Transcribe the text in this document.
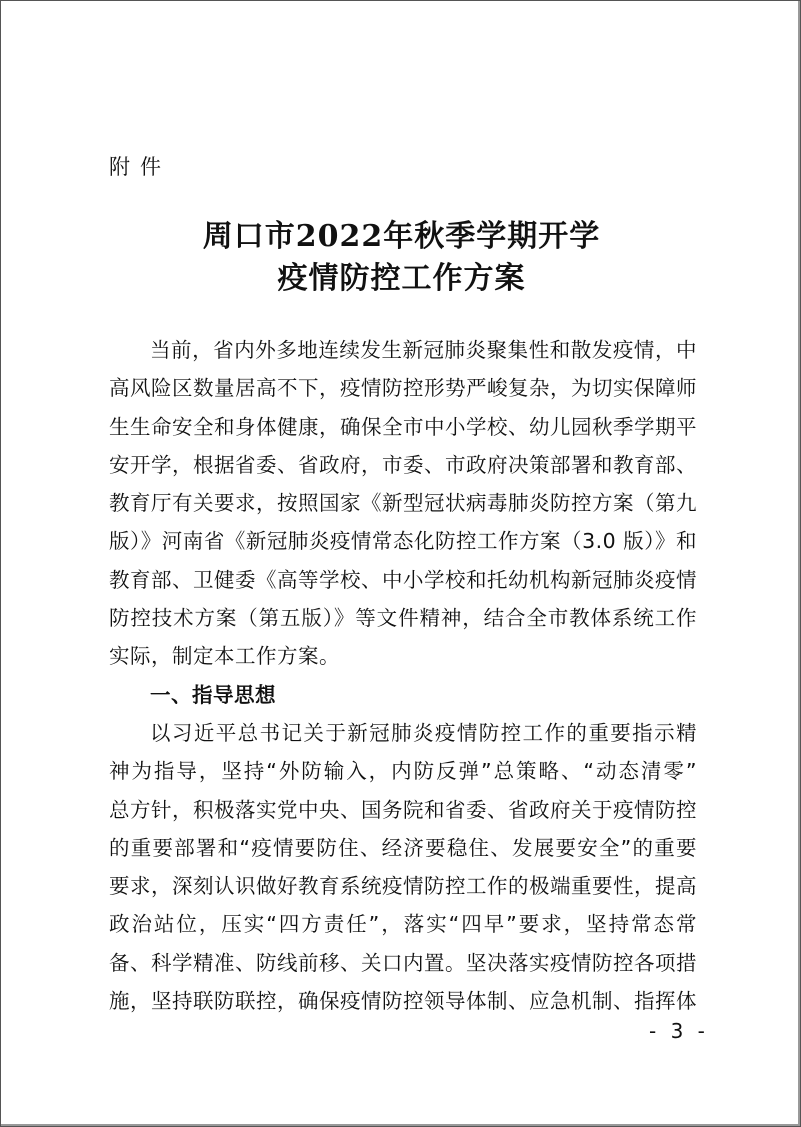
附件
周口市2022年秋季学期开学
疫情防控工作方案
当前，省内外多地连续发生新冠肺炎聚集性和散发疫情，中
高风险区数量居高不下，疫情防控形势严峻复杂，为切实保障师
生生命安全和身体健康，确保全市中小学校、幼儿园秋季学期平
安开学，根据省委、省政府，市委、市政府决策部署和教育部、
教育厅有关要求，按照国家《新型冠状病毒肺炎防控方案（第九
版）》河南省《新冠肺炎疫情常态化防控工作方案（3.0 版）》和
教育部、卫健委《高等学校、中小学校和托幼机构新冠肺炎疫情
防控技术方案（第五版）》等文件精神，结合全市教体系统工作
实际，制定本工作方案。
一、指导思想
以习近平总书记关于新冠肺炎疫情防控工作的重要指示精
神为指导，坚持“外防输入，内防反弹”总策略、“动态清零”
总方针，积极落实党中央、国务院和省委、省政府关于疫情防控
的重要部署和“疫情要防住、经济要稳住、发展要安全”的重要
要求，深刻认识做好教育系统疫情防控工作的极端重要性，提高
政治站位，压实“四方责任”，落实“四早”要求，坚持常态常
备、科学精准、防线前移、关口内置。坚决落实疫情防控各项措
施，坚持联防联控，确保疫情防控领导体制、应急机制、指挥体
- 3 -
